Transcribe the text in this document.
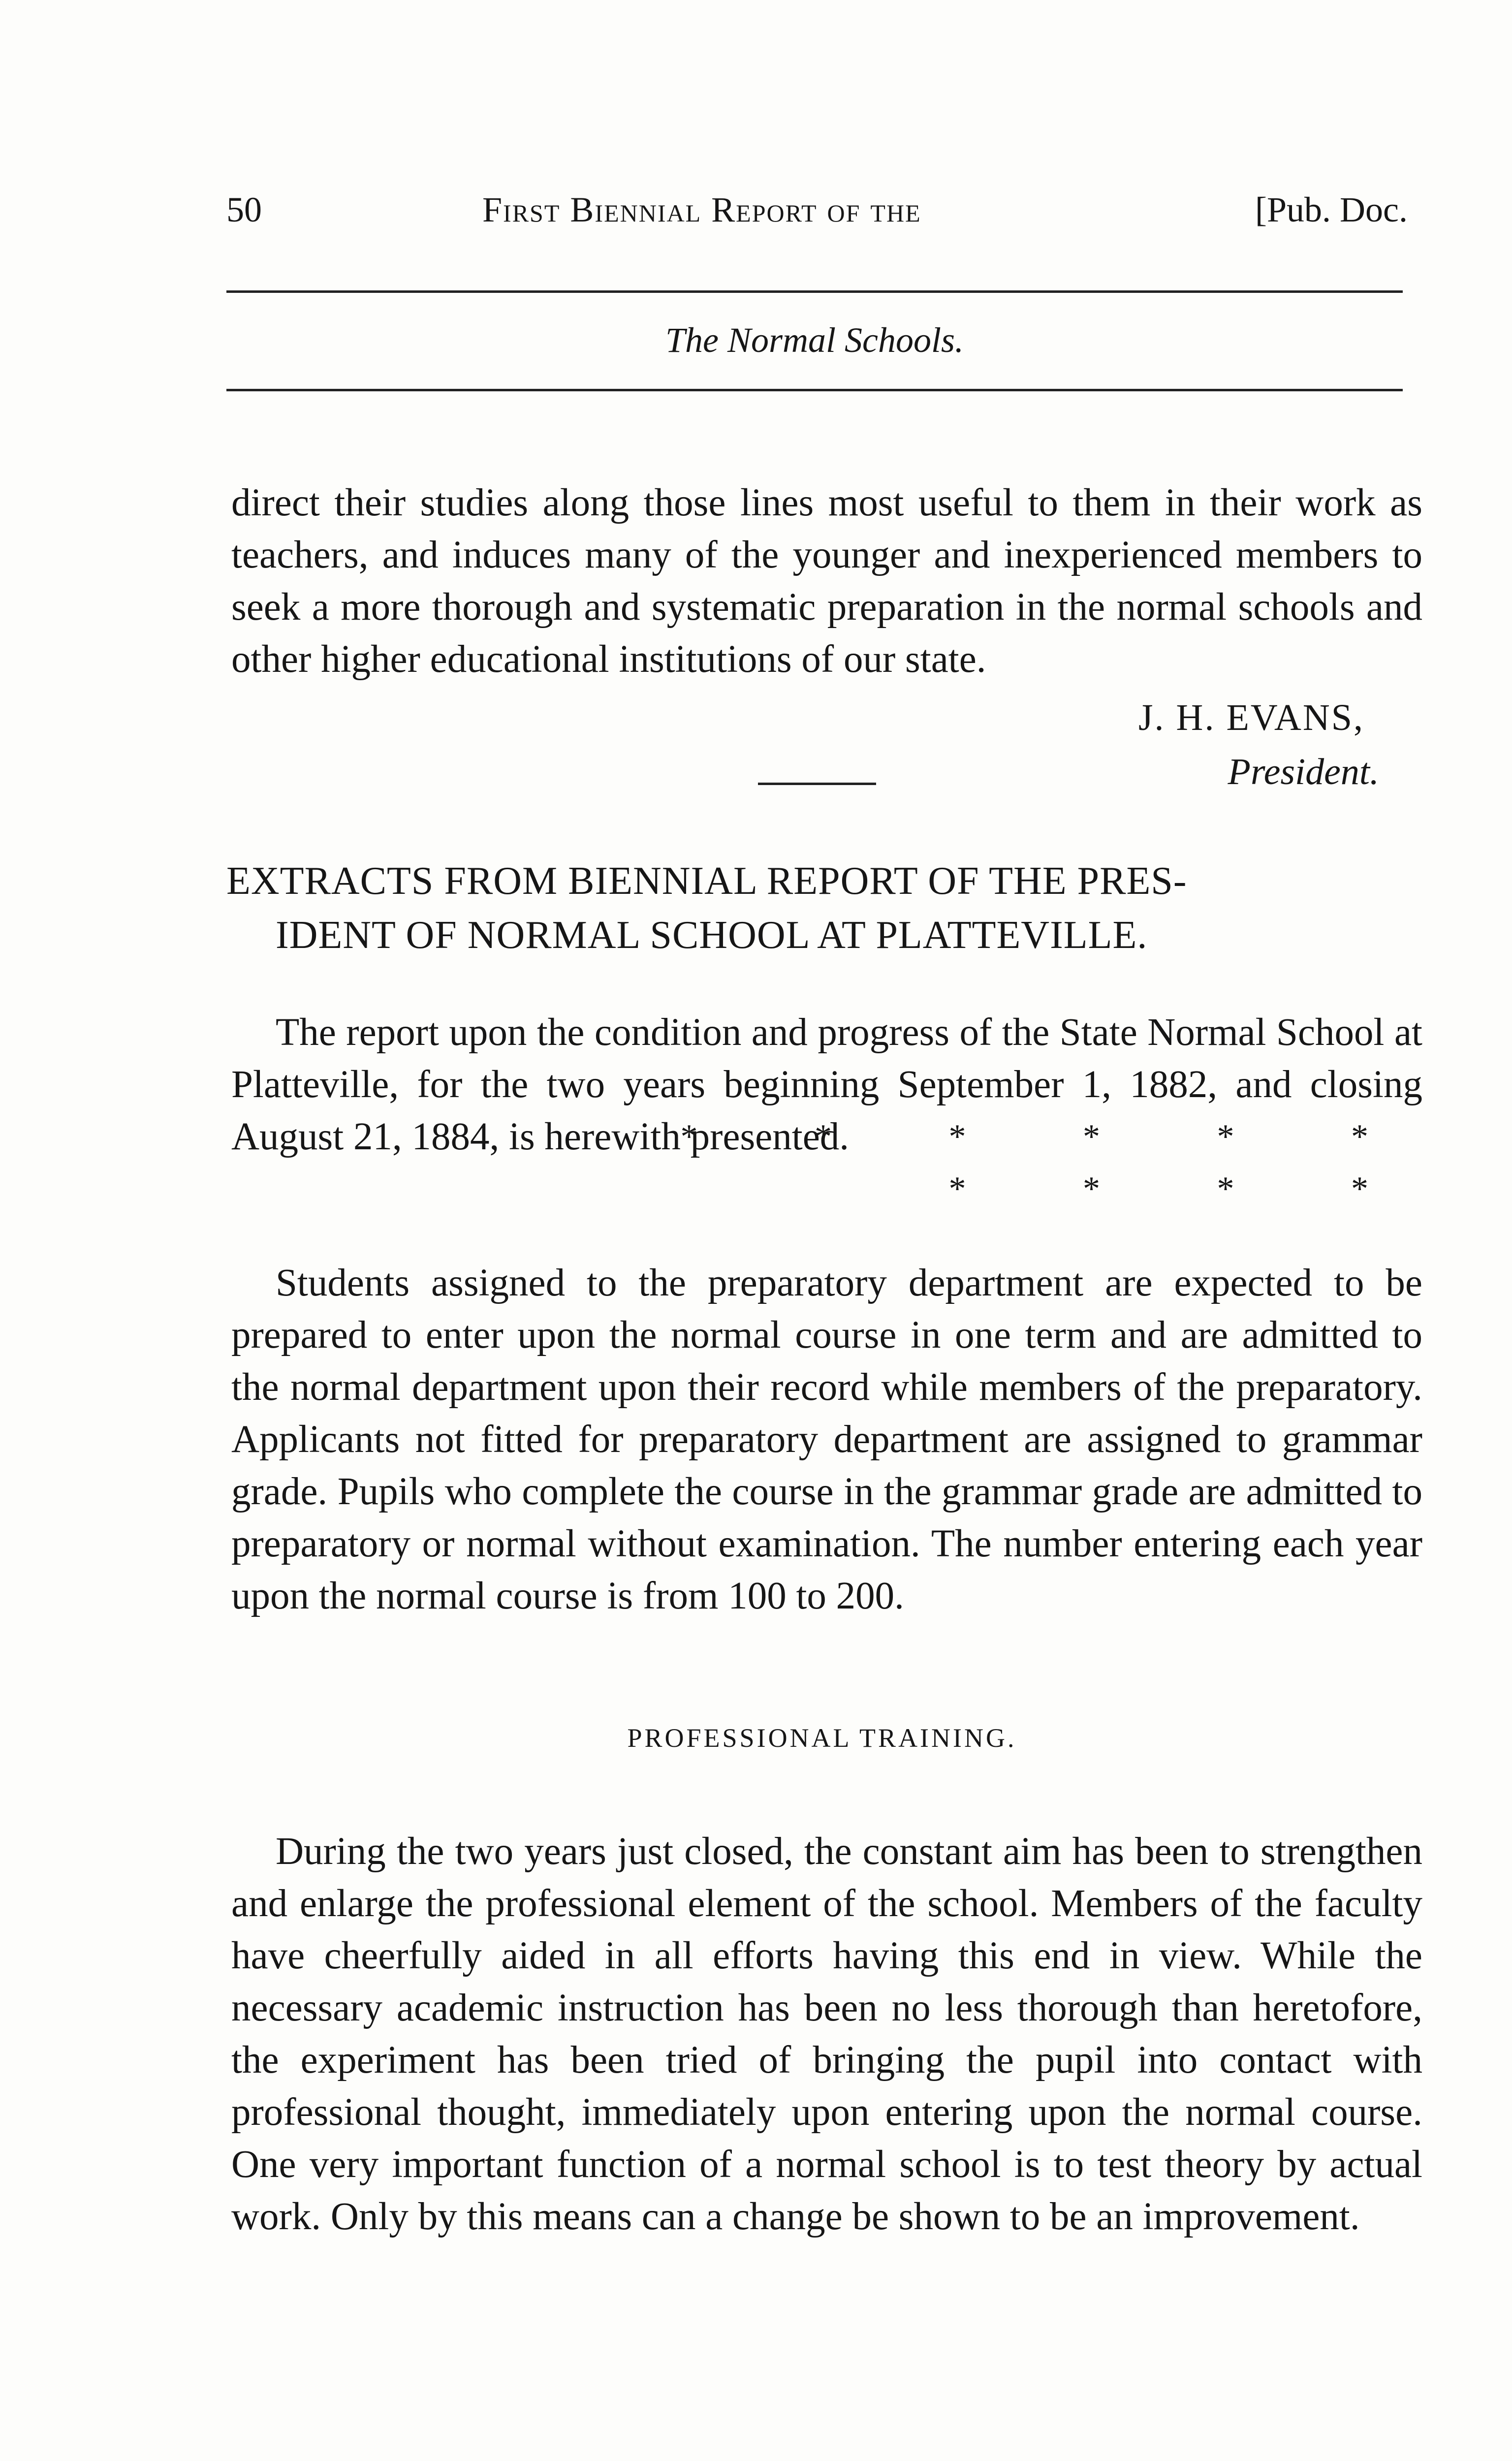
50	First Biennial Report of the	[Pub. Doc.
The Normal Schools.

direct their studies along those lines most useful to them in their work as teachers, and induces many of the younger and inexperienced members to seek a more thorough and systematic preparation in the normal schools and other higher educational institutions of our state.

J. H. EVANS,
President.
EXTRACTS FROM BIENNIAL REPORT OF THE PRES-
IDENT OF NORMAL SCHOOL AT PLATTEVILLE.
The report upon the condition and progress of the State Normal School at Platteville, for the two years beginning September 1, 1882, and closing August 21, 1884, is herewith presented.
* * * * * * * * * *

Students assigned to the preparatory department are expected to be prepared to enter upon the normal course in one term and are admitted to the normal department upon their record while members of the preparatory. Applicants not fitted for preparatory department are assigned to grammar grade. Pupils who complete the course in the grammar grade are admitted to preparatory or normal without examination. The number entering each year upon the normal course is from 100 to 200.

PROFESSIONAL TRAINING.

During the two years just closed, the constant aim has been to strengthen and enlarge the professional element of the school. Members of the faculty have cheerfully aided in all efforts having this end in view. While the necessary academic instruction has been no less thorough than heretofore, the experiment has been tried of bringing the pupil into contact with professional thought, immediately upon entering upon the normal course. One very important function of a normal school is to test theory by actual work. Only by this means can a change be shown to be an improvement.
